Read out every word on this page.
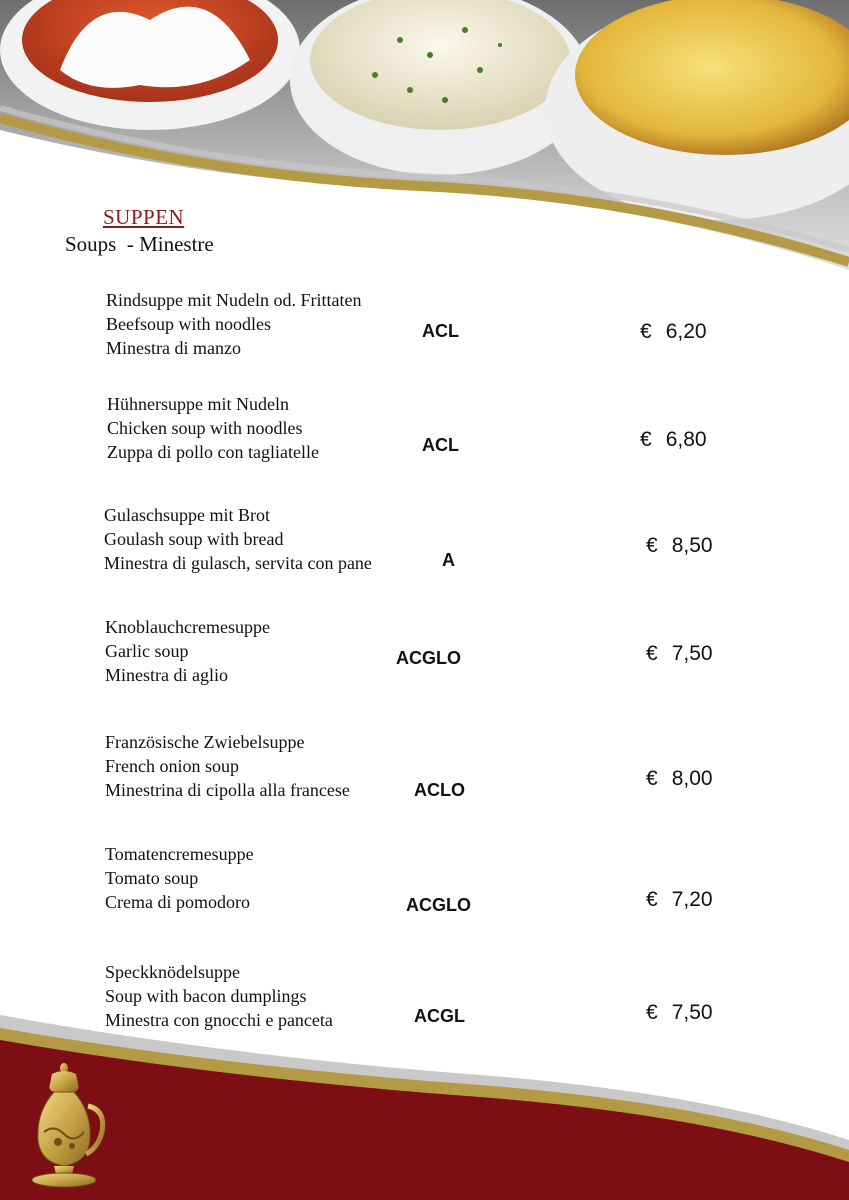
SUPPEN
Soups  - Minestre
Rindsuppe mit Nudeln od. Frittaten
Beefsoup with noodles
Minestra di manzo
ACL	€ 6,20
Hühnersuppe mit Nudeln
Chicken soup with noodles
Zuppa di pollo con tagliatelle	ACL	€ 6,80
Gulaschsuppe mit Brot
Goulash soup with bread
Minestra di gulasch, servita con pane	A
€ 8,50
Knoblauchcremesuppe
Garlic soup
Minestra di aglio
ACGLO	€ 7,50
Französische Zwiebelsuppe
French onion soup
Minestrina di cipolla alla francese	ACLO	€ 8,00
Tomatencremesuppe
Tomato soup
Crema di pomodoro	ACGLO	€ 7,20
Speckknödelsuppe
Soup with bacon dumplings
Minestra con gnocchi e panceta	ACGL	€ 7,50
